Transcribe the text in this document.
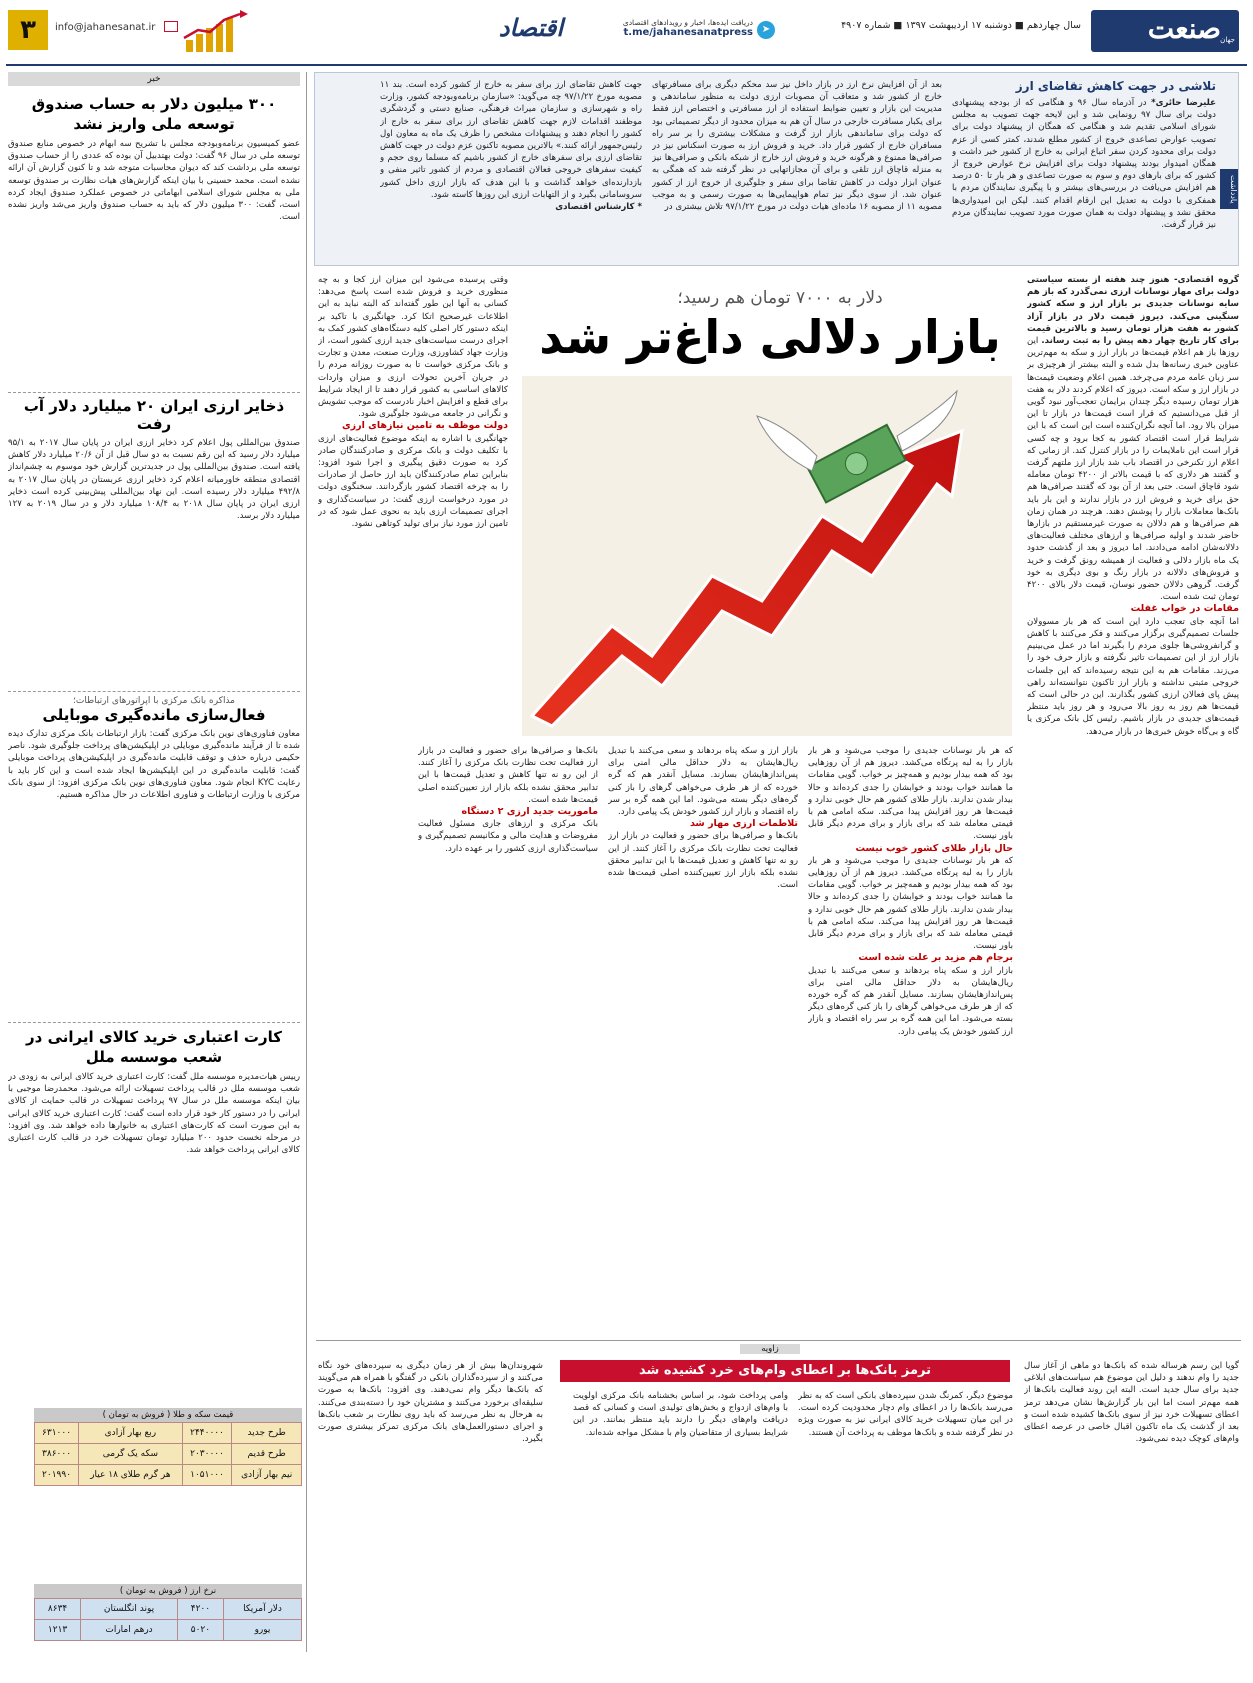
صنعت جهان
سال چهاردهم ■ دوشنبه ۱۷ اردیبهشت ۱۳۹۷ ■ شماره ۴۹۰۷
دریافت ایده‌ها، اخبار و رویدادهای اقتصادی
t.me/jahanesanatpress ➤
اقتصاد
info@jahanesanat.ir
۳
یادداشت
تلاشی در جهت کاهش تقاضای ارز
علیرضا حائری* در آذرماه سال ۹۶ و هنگامی که از بودجه پیشنهادی دولت برای سال ۹۷ رونمایی شد و این لایحه جهت تصویب به مجلس شورای اسلامی تقدیم شد و هنگامی که همگان از پیشنهاد دولت برای تصویب عوارض تصاعدی خروج از کشور مطلع شدند، کمتر کسی از عزم دولت برای محدود کردن سفر اتباع ایرانی به خارج از کشور خبر داشت و همگان امیدوار بودند پیشنهاد دولت برای افزایش نرخ عوارض خروج از کشور که برای بارهای دوم و سوم به صورت تصاعدی و هر بار تا ۵۰ درصد هم افزایش می‌یافت در بررسی‌های بیشتر و با پیگیری نمایندگان مردم با همفکری با دولت به تعدیل این ارقام اقدام کنند. لیکن این امیدواری‌ها محقق نشد و پیشنهاد دولت به همان صورت مورد تصویب نمایندگان مردم نیز قرار گرفت.
بعد از آن افزایش نرخ ارز در بازار داخل نیز سد محکم دیگری برای مسافرتهای خارج از کشور شد و متعاقب آن مصوبات ارزی دولت به منظور ساماندهی و مدیریت این بازار و تعیین ضوابط استفاده از ارز مسافرتی و اختصاص ارز فقط برای یکبار مسافرت خارجی در سال آن هم به میزان محدود از دیگر تصمیماتی بود که دولت برای ساماندهی بازار ارز گرفت و مشکلات بیشتری را بر سر راه مسافران خارج از کشور قرار داد. خرید و فروش ارز به صورت اسکناس نیز در صرافی‌ها ممنوع و هرگونه خرید و فروش ارز خارج از شبکه بانکی و صرافی‌ها نیز به منزله قاچاق ارز تلقی و برای آن مجازاتهایی در نظر گرفته شد که همگی به عنوان ابزار دولت در کاهش تقاضا برای سفر و جلوگیری از خروج ارز از کشور عنوان شد. از سوی دیگر نیز تمام هواپیمایی‌ها به صورت رسمی و به موجب مصوبه ۱۱ از مصوبه ۱۶ ماده‌ای هیات دولت در مورخ ۹۷/۱/۲۲ تلاش بیشتری در
جهت کاهش تقاضای ارز برای سفر به خارج از کشور کرده است. بند ۱۱ مصوبه مورخ ۹۷/۱/۲۲ چه می‌گوید: «سازمان برنامه‌وبودجه کشور، وزارت راه و شهرسازی و سازمان میراث فرهنگی، صنایع دستی و گردشگری موظفند اقدامات لازم جهت کاهش تقاضای ارز برای سفر به خارج از کشور را انجام دهند و پیشنهادات مشخص را ظرف یک ماه به معاون اول رئیس‌جمهور ارائه کنند.» بالاترین مصوبه تاکنون عزم دولت در جهت کاهش تقاضای ارزی برای سفرهای خارج از کشور باشیم که مسلما روی حجم و کیفیت سفرهای خروجی فعالان اقتصادی و مردم از کشور تاثیر منفی و بازدارنده‌ای خواهد گذاشت و با این هدف که بازار ارزی داخل کشور سروسامانی بگیرد و از التهابات ارزی این روزها کاسته شود.
* کارشناس اقتصادی
خبر
۳۰۰ میلیون دلار به حساب صندوق توسعه ملی واریز نشد
عضو کمیسیون برنامه‌وبودجه مجلس با تشریح سه ابهام در خصوص منابع صندوق توسعه ملی در سال ۹۶ گفت: دولت بهتدبیل آن بوده که عددی را از حساب صندوق توسعه ملی برداشت کند که دیوان محاسبات متوجه شد و تا کنون گزارش آن ارائه نشده است. محمد حسینی با بیان اینکه گزارش‌های هیات نظارت بر صندوق توسعه ملی به مجلس شورای اسلامی ابهاماتی در خصوص عملکرد صندوق ایجاد کرده است، گفت: ۳۰۰ میلیون دلار که باید به حساب صندوق واریز می‌شد واریز نشده است.
ذخایر ارزی ایران ۲۰ میلیارد دلار آب رفت
صندوق بین‌المللی پول اعلام کرد ذخایر ارزی ایران در پایان سال ۲۰۱۷ به ۹۵/۱ میلیارد دلار رسید که این رقم نسبت به دو سال قبل از آن ۲۰/۶ میلیارد دلار کاهش یافته است. صندوق بین‌المللی پول در جدیدترین گزارش خود موسوم به چشم‌انداز اقتصادی منطقه خاورمیانه اعلام کرد ذخایر ارزی عربستان در پایان سال ۲۰۱۷ به ۴۹۲/۸ میلیارد دلار رسیده است. این نهاد بین‌المللی پیش‌بینی کرده است ذخایر ارزی ایران در پایان سال ۲۰۱۸ به ۱۰۸/۴ میلیارد دلار و در سال ۲۰۱۹ به ۱۲۷ میلیارد دلار برسد.
مذاکره بانک مرکزی با اپراتورهای ارتباطات؛
فعال‌سازی مانده‌گیری موبایلی
معاون فناوری‌های نوین بانک مرکزی گفت: بازار ارتباطات بانک مرکزی تدارک دیده شده تا از فرآیند مانده‌گیری موبایلی در اپلیکیشن‌های پرداخت جلوگیری شود. ناصر حکیمی درباره حذف و توقف قابلیت مانده‌گیری در اپلیکیشن‌های پرداخت موبایلی گفت: قابلیت مانده‌گیری در این اپلیکیشن‌ها ایجاد شده است و این کار باید با رعایت KYC انجام شود. معاون فناوری‌های نوین بانک مرکزی افزود: از سوی بانک مرکزی با وزارت ارتباطات و فناوری اطلاعات در حال مذاکره هستیم.
کارت اعتباری خرید کالای ایرانی در شعب موسسه ملل
رییس هیات‌مدیره موسسه ملل گفت: کارت اعتباری خرید کالای ایرانی به زودی در شعب موسسه ملل در قالب پرداخت تسهیلات ارائه می‌شود. محمدرضا موجبی با بیان اینکه موسسه ملل در سال ۹۷ پرداخت تسهیلات در قالب حمایت از کالای ایرانی را در دستور کار خود قرار داده است گفت: کارت اعتباری خرید کالای ایرانی به این صورت است که کارت‌های اعتباری به خانوارها داده خواهد شد. وی افزود: در مرحله نخست حدود ۲۰۰ میلیارد تومان تسهیلات خرد در قالب کارت اعتباری کالای ایرانی پرداخت خواهد شد.
قیمت سکه و طلا ( فروش به تومان )
طرح جدید	۲۴۴۰۰۰۰	ربع بهار آزادی	۶۳۱۰۰۰
طرح قدیم	۲۰۳۰۰۰۰	سکه یک گرمی	۳۸۶۰۰۰
نیم بهار آزادی	۱۰۵۱۰۰۰	هر گرم طلای ۱۸ عیار	۲۰۱۹۹۰
نرخ ارز ( فروش به تومان )
دلار آمریکا	۴۲۰۰	پوند انگلستان	۸۶۳۴
یورو	۵۰۲۰	درهم امارات	۱۲۱۳
دلار به ۷۰۰۰ تومان هم رسید؛
بازار دلالی داغ‌تر شد
گروه اقتصادی- هنوز چند هفته از بسته سیاستی دولت برای مهار نوسانات ارزی نمی‌گذرد که باز هم سایه نوسانات جدیدی بر بازار ارز و سکه کشور سنگینی می‌کند. دیروز قیمت دلار در بازار آزاد کشور به هفت هزار تومان رسید و بالاترین قیمت برای کار تاریخ چهار دهه پیش را به ثبت رساند. این روزها باز هم اعلام قیمت‌ها در بازار ارز و سکه به مهم‌ترین عناوین خبری رسانه‌ها بدل شده و البته بیشتر از هرچیزی بر سر زبان عامه مردم می‌چرخد. همین اعلام وضعیت قیمت‌ها در بازار ارز و سکه است. دیروز که اعلام کردند دلار به هفت هزار تومان رسیده دیگر چندان برایمان تعجب‌آور نبود گویی از قبل می‌دانستیم که قرار است قیمت‌ها در بازار تا این میزان بالا رود. اما آنچه نگران‌کننده است این است که با این شرایط قرار است اقتصاد کشور به کجا برود و چه کسی قرار است این ناملایمات را در بازار کنترل کند. از زمانی که اعلام ارز تکنرخی در اقتصاد باب شد بازار ارز ملتهم گرفت و گفتند هر دلاری که با قیمت بالاتر از ۴۲۰۰ تومان معامله شود قاچاق است. حتی بعد از آن بود که گفتند صرافی‌ها هم حق برای خرید و فروش ارز در بازار ندارند و این بار باید بانک‌ها معاملات بازار را پوشش دهند. هرچند در همان زمان هم صرافی‌ها و هم دلالان به صورت غیرمستقیم در بازارها حاضر شدند و اولیه صرافی‌ها و ارزهای مختلف فعالیت‌های دلالانه‌شان ادامه می‌دادند. اما دیروز و بعد از گذشت حدود یک ماه بازار دلالی و فعالیت از همیشه رونق گرفت و خرید و فروش‌های دلالانه در بازار رنگ و بوی دیگری به خود گرفت. گروهی دلالان حضور نوسان، قیمت دلار بالای ۴۲۰۰ تومان ثبت شده است.
مقامات در خواب غفلت
اما آنچه جای تعجب دارد این است که هر بار مسوولان جلسات تصمیم‌گیری برگزار می‌کنند و فکر می‌کنند با کاهش و گرانفروشی‌ها جلوی مردم را بگیرند اما در عمل می‌بینیم بازار ارز از این تصمیمات تاثیر نگرفته و بازار حرف خود را می‌زند. مقامات هم به این نتیجه رسیده‌اند که این جلسات خروجی مثبتی نداشته و بازار ارز تاکنون نتوانسته‌اند راهی پیش پای فعالان ارزی کشور بگذارند. این در حالی است که قیمت‌ها هم روز به روز بالا می‌رود و هر روز باید منتظر قیمت‌های جدیدی در بازار باشیم. رئیس کل بانک مرکزی یا گاه و بی‌گاه خوش خبری‌ها در بازار می‌دهد.
که هر بار نوسانات جدیدی را موجب می‌شود و هر بار بازار را به لبه پرتگاه می‌کشد. دیروز هم از آن روزهایی بود که همه بیدار بودیم و همه‌چیز بر خواب. گویی مقامات ما همانند خواب بودند و خوابشان را جدی کرده‌اند و حالا بیدار شدن ندارند. بازار طلای کشور هم حال خوبی ندارد و قیمت‌ها هر روز افزایش پیدا می‌کند. سکه امامی هم با قیمتی معامله شد که برای بازار و برای مردم دیگر قابل باور نیست.
حال بازار طلای کشور خوب نیست
که هر بار نوسانات جدیدی را موجب می‌شود و هر بار بازار را به لبه پرتگاه می‌کشد. دیروز هم از آن روزهایی بود که همه بیدار بودیم و همه‌چیز بر خواب. گویی مقامات ما همانند خواب بودند و خوابشان را جدی کرده‌اند و حالا بیدار شدن ندارند. بازار طلای کشور هم حال خوبی ندارد و قیمت‌ها هر روز افزایش پیدا می‌کند. سکه امامی هم با قیمتی معامله شد که برای بازار و برای مردم دیگر قابل باور نیست.
برجام هم مزید بر علت شده است
بازار ارز و سکه پناه بردهاند و سعی می‌کنند با تبدیل ریال‌هایشان به دلار حداقل مالی امنی برای پس‌اندازهایشان بسازند. مسایل آنقدر هم که گره خورده که از هر طرف می‌خواهی گرهای را باز کنی گره‌های دیگر بسته می‌شود. اما این همه گره بر سر راه اقتصاد و بازار ارز کشور خودش یک پیامی دارد.
بازار ارز و سکه پناه بردهاند و سعی می‌کنند با تبدیل ریال‌هایشان به دلار حداقل مالی امنی برای پس‌اندازهایشان بسازند. مسایل آنقدر هم که گره خورده که از هر طرف می‌خواهی گرهای را باز کنی گره‌های دیگر بسته می‌شود. اما این همه گره بر سر راه اقتصاد و بازار ارز کشور خودش یک پیامی دارد.
تلاطمات ارزی مهار شد
بانک‌ها و صرافی‌ها برای حضور و فعالیت در بازار ارز فعالیت تحت نظارت بانک مرکزی را آغاز کنند. از این رو نه تنها کاهش و تعدیل قیمت‌ها با این تدابیر محقق نشده بلکه بازار ارز تعیین‌کننده اصلی قیمت‌ها شده است.
بانک‌ها و صرافی‌ها برای حضور و فعالیت در بازار ارز فعالیت تحت نظارت بانک مرکزی را آغاز کنند. از این رو نه تنها کاهش و تعدیل قیمت‌ها با این تدابیر محقق نشده بلکه بازار ارز تعیین‌کننده اصلی قیمت‌ها شده است.
ماموریت جدید ارزی ۲ دستگاه
بانک مرکزی و ارزهای جاری مسئول فعالیت مفروضات و هدایت مالی و مکانیسم تصمیم‌گیری و سیاست‌گذاری ارزی کشور را بر عهده دارد.
وقتی پرسیده می‌شود این میزان ارز کجا و به چه منظوری خرید و فروش شده است پاسخ می‌دهد: کسانی به آنها این طور گفته‌اند که البته نباید به این اطلاعات غیرصحیح اتکا کرد. جهانگیری با تاکید بر اینکه دستور کار اصلی کلیه دستگاه‌های کشور کمک به اجرای درست سیاست‌های جدید ارزی کشور است، از وزارت جهاد کشاورزی، وزارت صنعت، معدن و تجارت و بانک مرکزی خواست تا به صورت روزانه مردم را در جریان آخرین تحولات ارزی و میزان واردات کالاهای اساسی به کشور قرار دهند تا از ایجاد شرایط برای قطع و افزایش اخبار نادرست که موجب تشویش و نگرانی در جامعه می‌شود جلوگیری شود.
دولت موظف به تامین نیازهای ارزی
جهانگیری با اشاره به اینکه موضوع فعالیت‌های ارزی با تکلیف دولت و بانک مرکزی و صادرکنندگان صادر کرد به صورت دقیق پیگیری و اجرا شود افزود: بنابراین تمام صادرکنندگان باید ارز حاصل از صادرات را به چرخه اقتصاد کشور بازگردانند. سخنگوی دولت در مورد درخواست ارزی گفت: در سیاست‌گذاری و اجرای تصمیمات ارزی باید به نحوی عمل شود که در تامین ارز مورد نیاز برای تولید کوتاهی نشود.
زاویه
ترمز بانک‌ها بر اعطای وام‌های خرد کشیده شد	گویا این رسم هرساله شده که بانک‌ها دو ماهی از آغاز سال جدید را وام ندهند و دلیل این موضوع هم سیاست‌های ابلاغی جدید برای سال جدید است. البته این روند فعالیت بانک‌ها از همه مهم‌تر است اما این بار گزارش‌ها نشان می‌دهد ترمز اعطای تسهیلات خرد نیز از سوی بانک‌ها کشیده شده است و بعد از گذشت یک ماه تاکنون اقبال خاصی در عرصه اعطای وام‌های کوچک دیده نمی‌شود.
موضوع دیگر، کمرنگ شدن سپرده‌های بانکی است که به نظر می‌رسد بانک‌ها را در اعطای وام دچار محدودیت کرده است. در این میان تسهیلات خرید کالای ایرانی نیز به صورت ویژه در نظر گرفته شده و بانک‌ها موظف به پرداخت آن هستند.
وامی پرداخت شود، بر اساس بخشنامه بانک مرکزی اولویت با وام‌های ازدواج و بخش‌های تولیدی است و کسانی که قصد دریافت وام‌های دیگر را دارند باید منتظر بمانند. در این شرایط بسیاری از متقاضیان وام با مشکل مواجه شده‌اند.
شهروندان‌ها بیش از هر زمان دیگری به سپرده‌های خود نگاه می‌کنند و از سپرده‌گذاران بانکی در گفتگو با همراه هم می‌گویند که بانک‌ها دیگر وام نمی‌دهند. وی افزود: بانک‌ها به صورت سلیقه‌ای برخورد می‌کنند و مشتریان خود را دسته‌بندی می‌کنند. به هرحال به نظر می‌رسد که باید روی نظارت بر شعب بانک‌ها و اجرای دستورالعمل‌های بانک مرکزی تمرکز بیشتری صورت بگیرد.
